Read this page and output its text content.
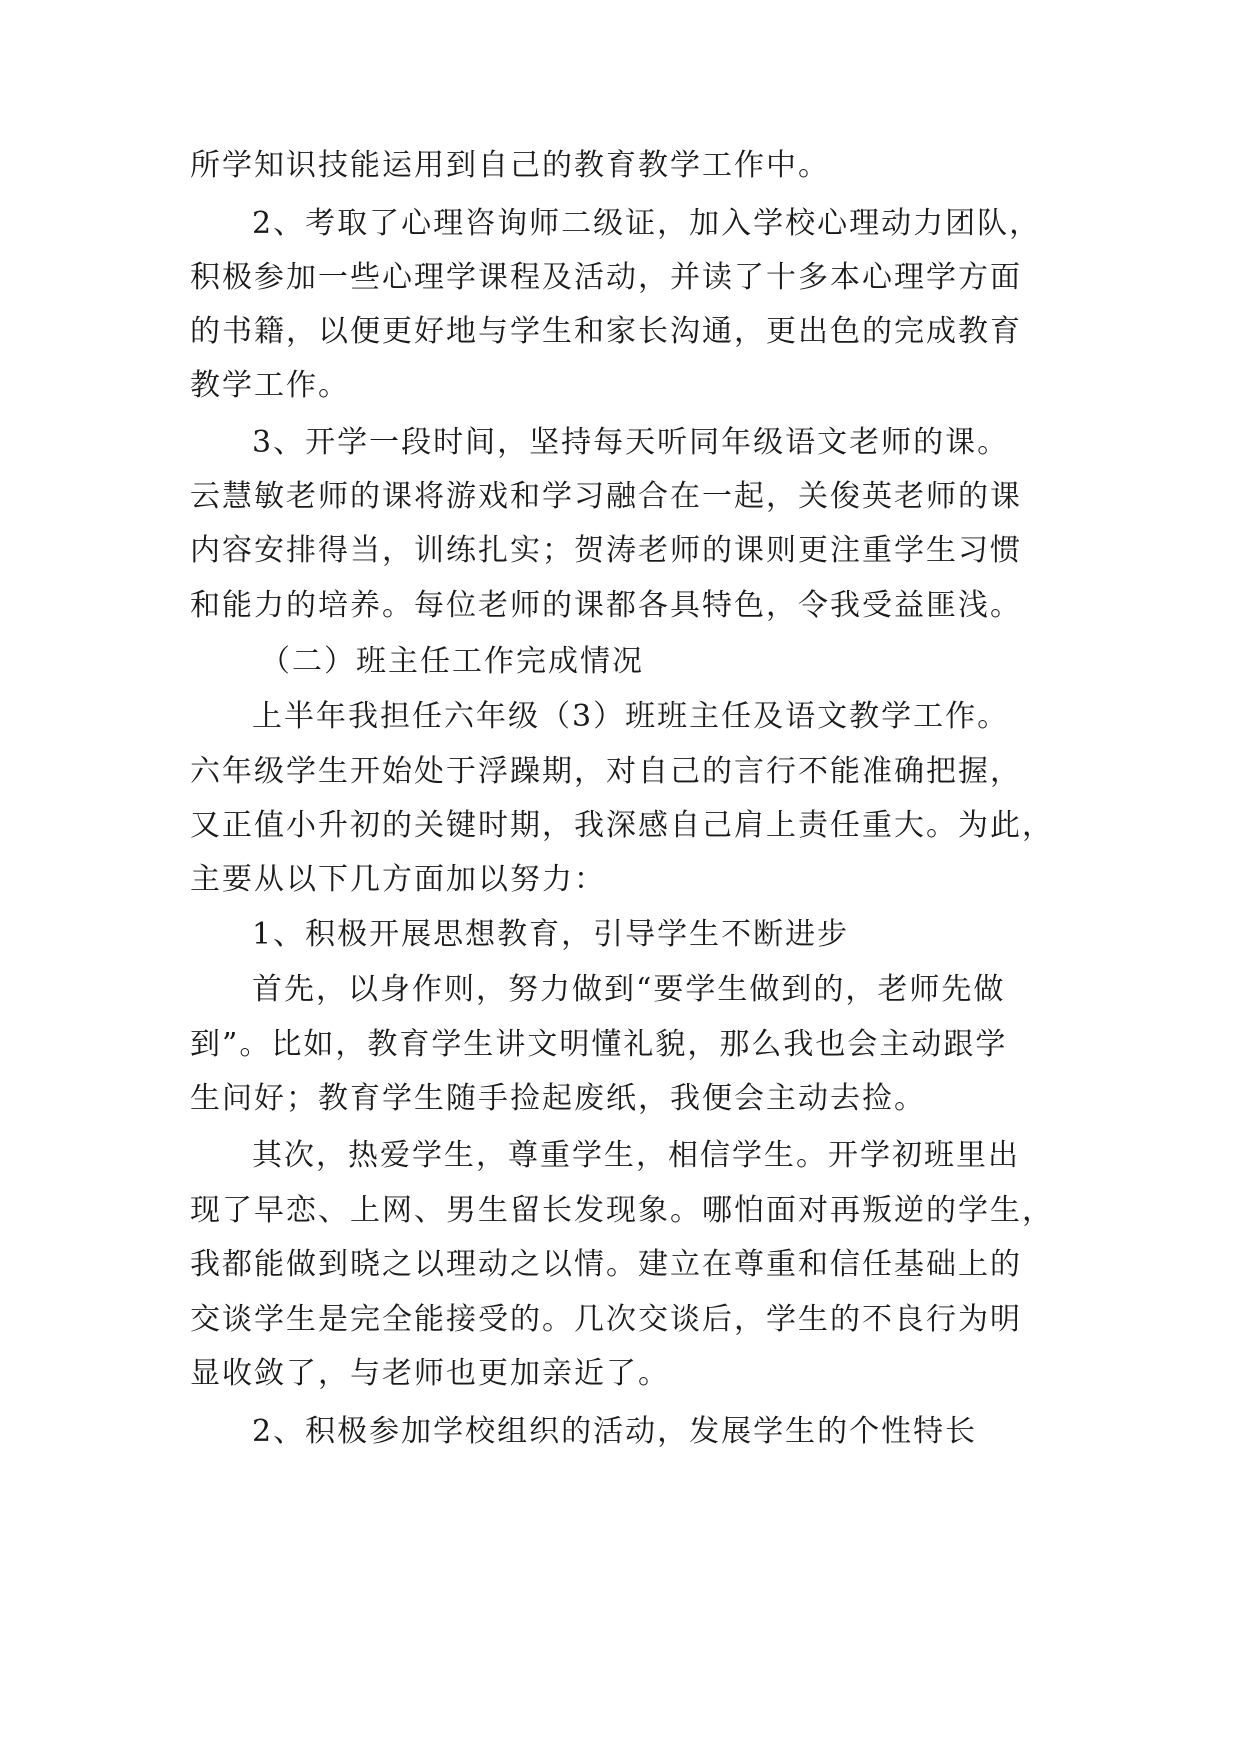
所学知识技能运用到自己的教育教学工作中。
2、考取了心理咨询师二级证，加入学校心理动力团队，
积极参加一些心理学课程及活动，并读了十多本心理学方面
的书籍，以便更好地与学生和家长沟通，更出色的完成教育
教学工作。
3、开学一段时间，坚持每天听同年级语文老师的课。
云慧敏老师的课将游戏和学习融合在一起，关俊英老师的课
内容安排得当，训练扎实；贺涛老师的课则更注重学生习惯
和能力的培养。每位老师的课都各具特色，令我受益匪浅。
（二）班主任工作完成情况
上半年我担任六年级（3）班班主任及语文教学工作。
六年级学生开始处于浮躁期，对自己的言行不能准确把握，
又正值小升初的关键时期，我深感自己肩上责任重大。为此，
主要从以下几方面加以努力：
1、积极开展思想教育，引导学生不断进步
首先，以身作则，努力做到“要学生做到的，老师先做
到”。比如，教育学生讲文明懂礼貌，那么我也会主动跟学
生问好；教育学生随手捡起废纸，我便会主动去捡。
其次，热爱学生，尊重学生，相信学生。开学初班里出
现了早恋、上网、男生留长发现象。哪怕面对再叛逆的学生，
我都能做到晓之以理动之以情。建立在尊重和信任基础上的
交谈学生是完全能接受的。几次交谈后，学生的不良行为明
显收敛了，与老师也更加亲近了。
2、积极参加学校组织的活动，发展学生的个性特长
